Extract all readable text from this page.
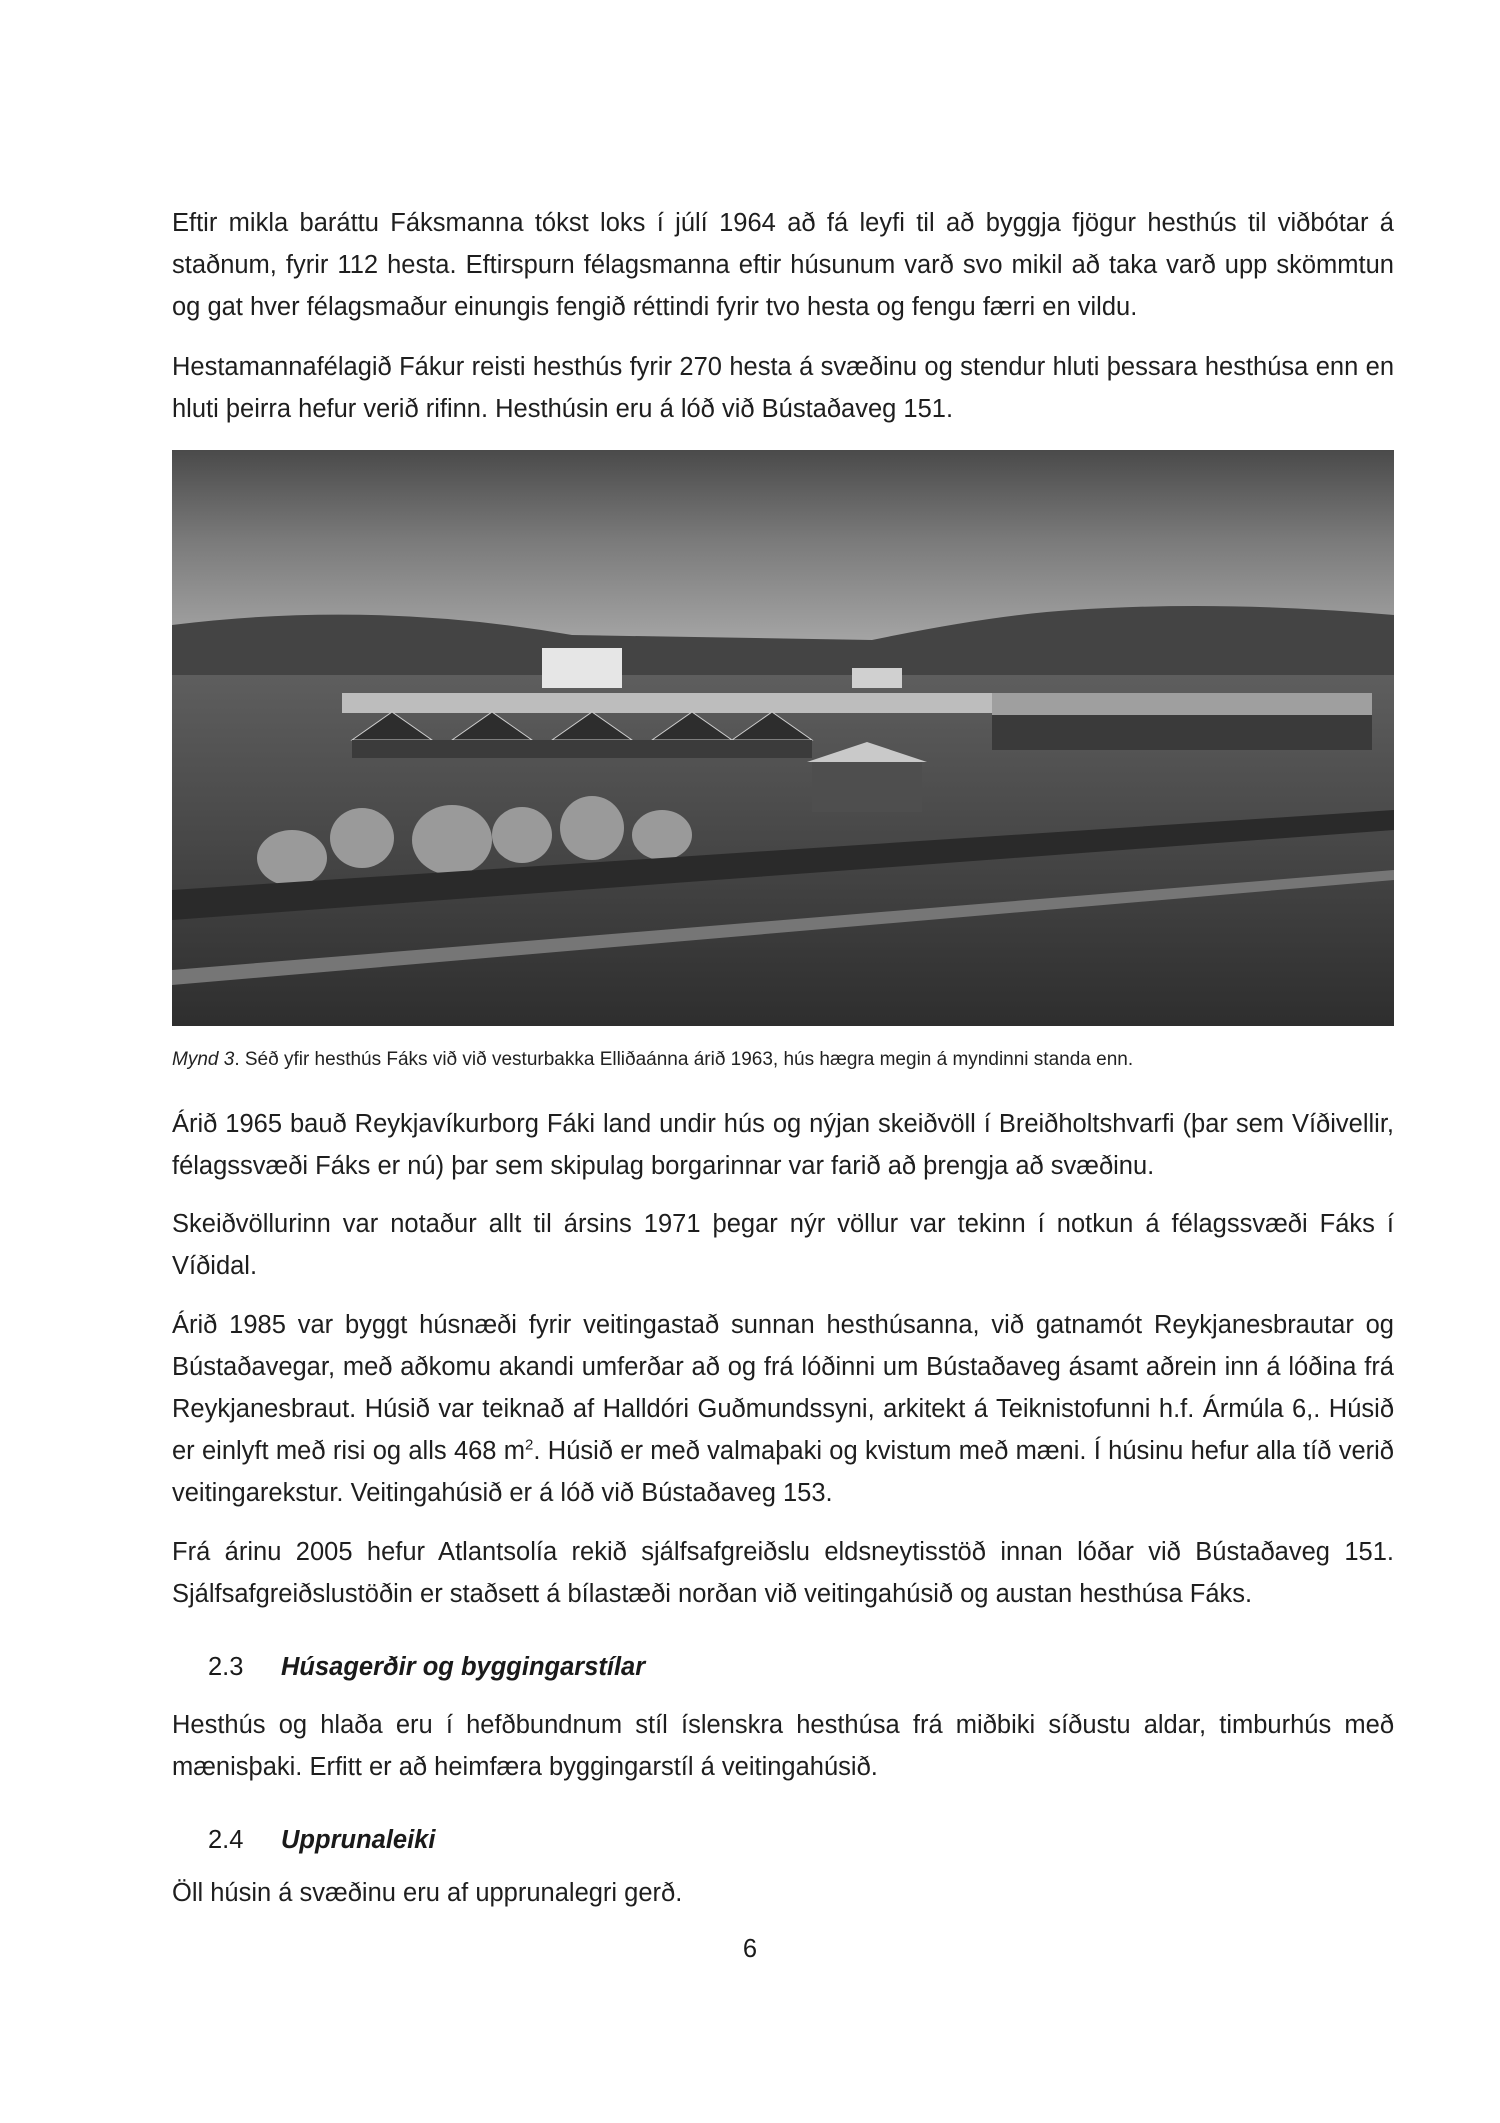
Eftir mikla baráttu Fáksmanna tókst loks í júlí 1964 að fá leyfi til að byggja fjögur hesthús til viðbótar á staðnum, fyrir 112 hesta. Eftirspurn félagsmanna eftir húsunum varð svo mikil að taka varð upp skömmtun og gat hver félagsmaður einungis fengið réttindi fyrir tvo hesta og fengu færri en vildu.

Hestamannafélagið Fákur reisti hesthús fyrir 270 hesta á svæðinu og stendur hluti þessara hesthúsa enn en hluti þeirra hefur verið rifinn. Hesthúsin eru á lóð við Bústaðaveg 151.

Mynd 3. Séð yfir hesthús Fáks við við vesturbakka Elliðaánna árið 1963, hús hægra megin á myndinni standa enn.

Árið 1965 bauð Reykjavíkurborg Fáki land undir hús og nýjan skeiðvöll í Breiðholtshvarfi (þar sem Víðivellir, félagssvæði Fáks er nú) þar sem skipulag borgarinnar var farið að þrengja að svæðinu.

Skeiðvöllurinn var notaður allt til ársins 1971 þegar nýr völlur var tekinn í notkun á félagssvæði Fáks í Víðidal.

Árið 1985 var byggt húsnæði fyrir veitingastað sunnan hesthúsanna, við gatnamót Reykjanesbrautar og Bústaðavegar, með aðkomu akandi umferðar að og frá lóðinni um Bústaðaveg ásamt aðrein inn á lóðina frá Reykjanesbraut. Húsið var teiknað af Halldóri Guðmundssyni, arkitekt á Teiknistofunni h.f. Ármúla 6,. Húsið er einlyft með risi og alls 468 $m^2$. Húsið er með valmaþaki og kvistum með mæni. Í húsinu hefur alla tíð verið veitingarekstur. Veitingahúsið er á lóð við Bústaðaveg 153.

Frá árinu 2005 hefur Atlantsolía rekið sjálfsafgreiðslu eldsneytisstöð innan lóðar við Bústaðaveg 151. Sjálfsafgreiðslustöðin er staðsett á bílastæði norðan við veitingahúsið og austan hesthúsa Fáks.

2.3 Húsagerðir og byggingarstílar

Hesthús og hlaða eru í hefðbundnum stíl íslenskra hesthúsa frá miðbiki síðustu aldar, timburhús með mænisþaki. Erfitt er að heimfæra byggingarstíl á veitingahúsið.

2.4 Upprunaleiki

Öll húsin á svæðinu eru af upprunalegri gerð.

6
